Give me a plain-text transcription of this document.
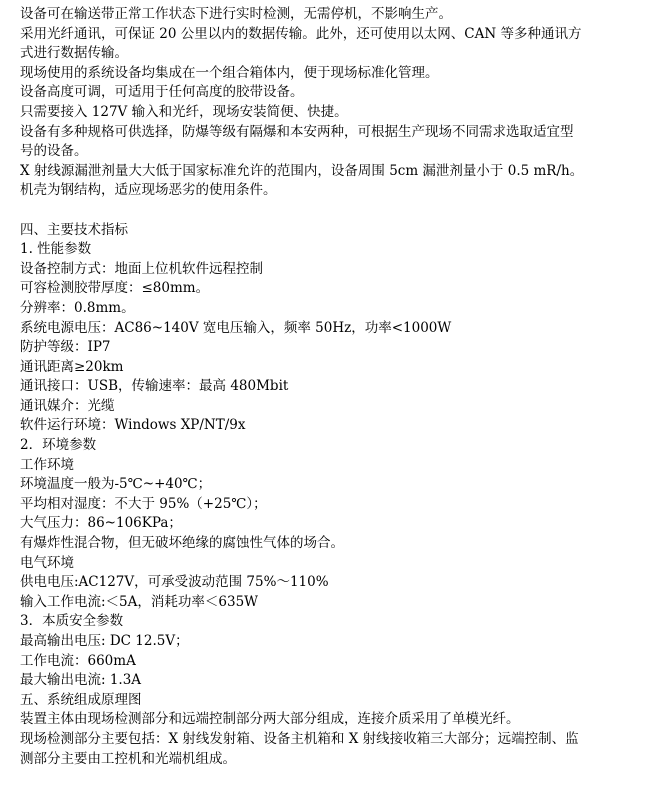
设备可在输送带正常工作状态下进行实时检测，无需停机，不影响生产。
采用光纤通讯，可保证 20 公里以内的数据传输。此外，还可使用以太网、CAN 等多种通讯方
式进行数据传输。
现场使用的系统设备均集成在一个组合箱体内，便于现场标准化管理。
设备高度可调，可适用于任何高度的胶带设备。
只需要接入 127V 输入和光纤，现场安装简便、快捷。
设备有多种规格可供选择，防爆等级有隔爆和本安两种，可根据生产现场不同需求选取适宜型
号的设备。
X 射线源漏泄剂量大大低于国家标准允许的范围内，设备周围 5cm 漏泄剂量小于 0.5 mR/h。
机壳为钢结构，适应现场恶劣的使用条件。
四、主要技术指标
1. 性能参数
设备控制方式：地面上位机软件远程控制
可容检测胶带厚度：≤80mm。
分辨率：0.8mm。
系统电源电压：AC86~140V 宽电压输入，频率 50Hz，功率<1000W
防护等级：IP7
通讯距离≥20km
通讯接口：USB，传输速率：最高 480Mbit
通讯媒介：光缆
软件运行环境：Windows XP/NT/9x
2．环境参数
工作环境
环境温度一般为-5℃~+40℃；
平均相对湿度：不大于 95%（+25℃）；
大气压力：86~106KPa；
有爆炸性混合物，但无破坏绝缘的腐蚀性气体的场合。
电气环境
供电电压:AC127V，可承受波动范围 75%～110%
输入工作电流:＜5A，消耗功率＜635W
3．本质安全参数
最高输出电压: DC 12.5V；
工作电流：660mA
最大输出电流: 1.3A
五、系统组成原理图
装置主体由现场检测部分和远端控制部分两大部分组成，连接介质采用了单模光纤。
现场检测部分主要包括：X 射线发射箱、设备主机箱和 X 射线接收箱三大部分；远端控制、监
测部分主要由工控机和光端机组成。
